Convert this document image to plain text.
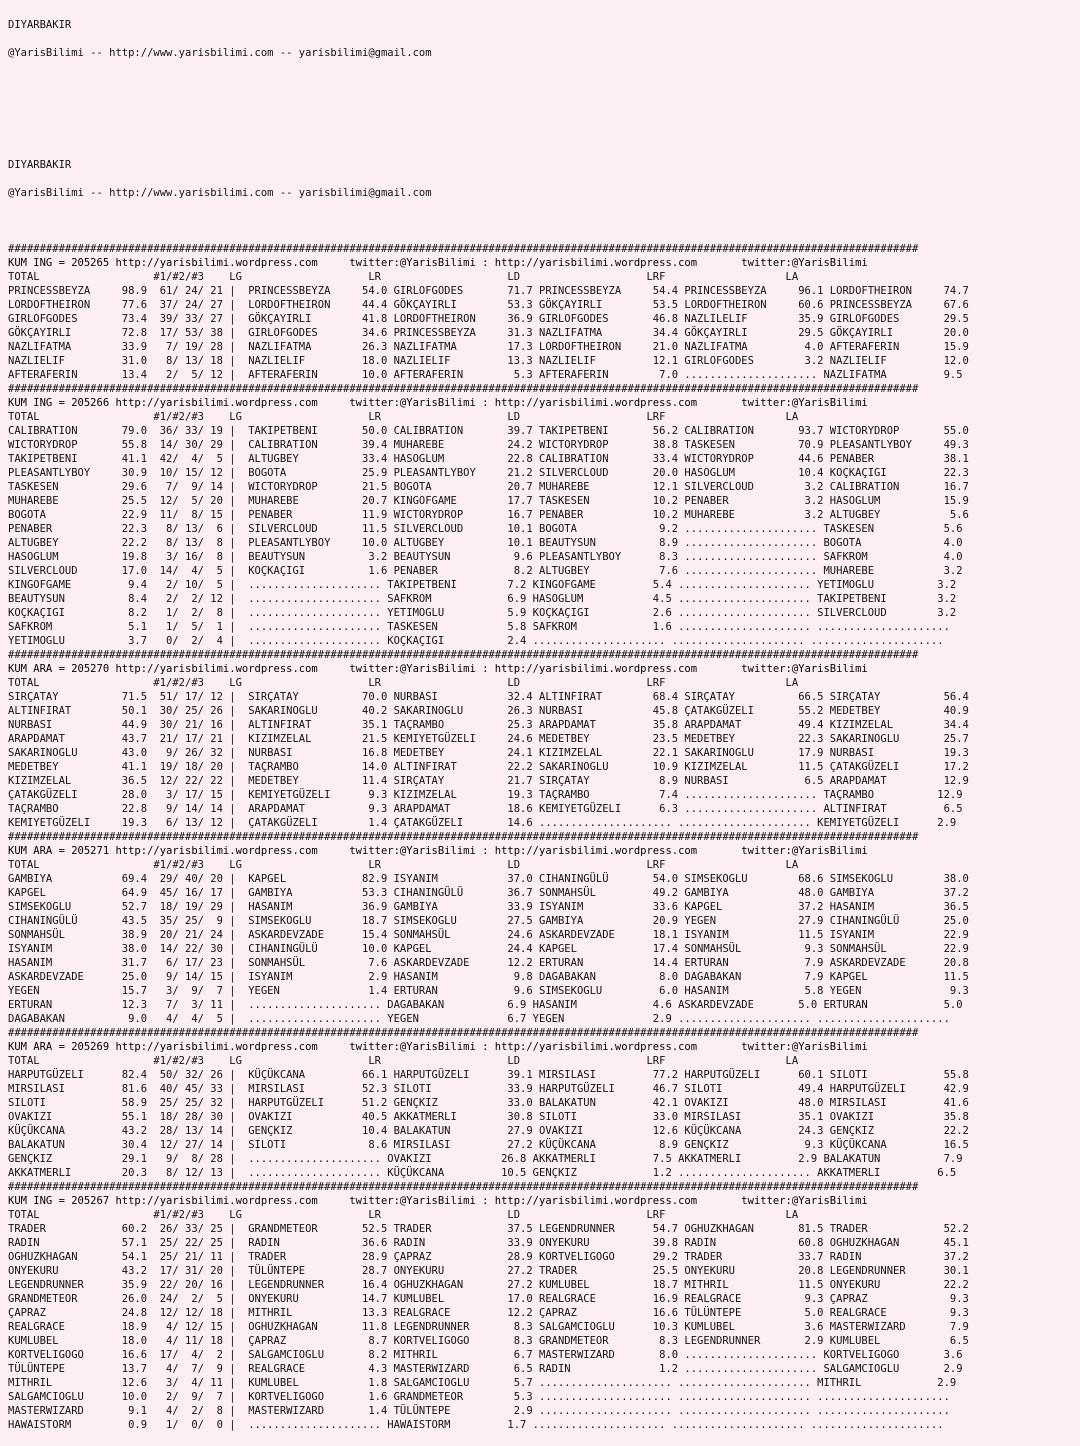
DIYARBAKIR

@YarisBilimi -- http://www.yarisbilimi.com -- yarisbilimi@gmail.com

DIYARBAKIR

@YarisBilimi -- http://www.yarisbilimi.com -- yarisbilimi@gmail.com

################################################################################################################################################
KUM ING = 205265 http://yarisbilimi.wordpress.com     twitter:@YarisBilimi : http://yarisbilimi.wordpress.com       twitter:@YarisBilimi
TOTAL                  #1/#2/#3    LG                    LR                    LD                    LRF                   LA
PRINCESSBEYZA     98.9  61/ 24/ 21 |  PRINCESSBEYZA     54.0 GIRLOFGODES       71.7 PRINCESSBEYZA     54.4 PRINCESSBEYZA     96.1 LORDOFTHEIRON     74.7
LORDOFTHEIRON     77.6  37/ 24/ 27 |  LORDOFTHEIRON     44.4 GÖKÇAYIRLI        53.3 GÖKÇAYIRLI        53.5 LORDOFTHEIRON     60.6 PRINCESSBEYZA     67.6
GIRLOFGODES       73.4  39/ 33/ 27 |  GÖKÇAYIRLI        41.8 LORDOFTHEIRON     36.9 GIRLOFGODES       46.8 NAZLILELIF        35.9 GIRLOFGODES       29.5
GÖKÇAYIRLI        72.8  17/ 53/ 38 |  GIRLOFGODES       34.6 PRINCESSBEYZA     31.3 NAZLIFATMA        34.4 GÖKÇAYIRLI        29.5 GÖKÇAYIRLI        20.0
NAZLIFATMA        33.9   7/ 19/ 28 |  NAZLIFATMA        26.3 NAZLIFATMA        17.3 LORDOFTHEIRON     21.0 NAZLIFATMA         4.0 AFTERAFERIN       15.9
NAZLIELIF         31.0   8/ 13/ 18 |  NAZLIELIF         18.0 NAZLIELIF         13.3 NAZLIELIF         12.1 GIRLOFGODES        3.2 NAZLIELIF         12.0
AFTERAFERIN       13.4   2/  5/ 12 |  AFTERAFERIN       10.0 AFTERAFERIN        5.3 AFTERAFERIN        7.0 ..................... NAZLIFATMA         9.5
################################################################################################################################################
KUM ING = 205266 http://yarisbilimi.wordpress.com     twitter:@YarisBilimi : http://yarisbilimi.wordpress.com       twitter:@YarisBilimi
TOTAL                  #1/#2/#3    LG                    LR                    LD                    LRF                   LA
CALIBRATION       79.0  36/ 33/ 19 |  TAKIPETBENI       50.0 CALIBRATION       39.7 TAKIPETBENI       56.2 CALIBRATION       93.7 WICTORYDROP       55.0
WICTORYDROP       55.8  14/ 30/ 29 |  CALIBRATION       39.4 MUHAREBE          24.2 WICTORYDROP       38.8 TASKESEN          70.9 PLEASANTLYBOY     49.3
TAKIPETBENI       41.1  42/  4/  5 |  ALTUGBEY          33.4 HASOGLUM          22.8 CALIBRATION       33.4 WICTORYDROP       44.6 PENABER           38.1
PLEASANTLYBOY     30.9  10/ 15/ 12 |  BOGOTA            25.9 PLEASANTLYBOY     21.2 SILVERCLOUD       20.0 HASOGLUM          10.4 KOÇKAÇIGI         22.3
TASKESEN          29.6   7/  9/ 14 |  WICTORYDROP       21.5 BOGOTA            20.7 MUHAREBE          12.1 SILVERCLOUD        3.2 CALIBRATION       16.7
MUHAREBE          25.5  12/  5/ 20 |  MUHAREBE          20.7 KINGOFGAME        17.7 TASKESEN          10.2 PENABER            3.2 HASOGLUM          15.9
BOGOTA            22.9  11/  8/ 15 |  PENABER           11.9 WICTORYDROP       16.7 PENABER           10.2 MUHAREBE           3.2 ALTUGBEY           5.6
PENABER           22.3   8/ 13/  6 |  SILVERCLOUD       11.5 SILVERCLOUD       10.1 BOGOTA             9.2 ..................... TASKESEN           5.6
ALTUGBEY          22.2   8/ 13/  8 |  PLEASANTLYBOY     10.0 ALTUGBEY          10.1 BEAUTYSUN          8.9 ..................... BOGOTA             4.0
HASOGLUM          19.8   3/ 16/  8 |  BEAUTYSUN          3.2 BEAUTYSUN          9.6 PLEASANTLYBOY      8.3 ..................... SAFKROM            4.0
SILVERCLOUD       17.0  14/  4/  5 |  KOÇKAÇIGI          1.6 PENABER            8.2 ALTUGBEY           7.6 ..................... MUHAREBE           3.2
KINGOFGAME         9.4   2/ 10/  5 |  ..................... TAKIPETBENI        7.2 KINGOFGAME         5.4 ..................... YETIMOGLU          3.2
BEAUTYSUN          8.4   2/  2/ 12 |  ..................... SAFKROM            6.9 HASOGLUM           4.5 ..................... TAKIPETBENI        3.2
KOÇKAÇIGI          8.2   1/  2/  8 |  ..................... YETIMOGLU          5.9 KOÇKAÇIGI          2.6 ..................... SILVERCLOUD        3.2
SAFKROM            5.1   1/  5/  1 |  ..................... TASKESEN           5.8 SAFKROM            1.6 ..................... .....................
YETIMOGLU          3.7   0/  2/  4 |  ..................... KOÇKAÇIGI          2.4 ..................... ..................... .....................
################################################################################################################################################
KUM ARA = 205270 http://yarisbilimi.wordpress.com     twitter:@YarisBilimi : http://yarisbilimi.wordpress.com       twitter:@YarisBilimi
TOTAL                  #1/#2/#3    LG                    LR                    LD                    LRF                   LA
SIRÇATAY          71.5  51/ 17/ 12 |  SIRÇATAY          70.0 NURBASI           32.4 ALTINFIRAT        68.4 SIRÇATAY          66.5 SIRÇATAY          56.4
ALTINFIRAT        50.1  30/ 25/ 26 |  SAKARINOGLU       40.2 SAKARINOGLU       26.3 NURBASI           45.8 ÇATAKGÜZELI       55.2 MEDETBEY          40.9
NURBASI           44.9  30/ 21/ 16 |  ALTINFIRAT        35.1 TAÇRAMBO          25.3 ARAPDAMAT         35.8 ARAPDAMAT         49.4 KIZIMZELAL        34.4
ARAPDAMAT         43.7  21/ 17/ 21 |  KIZIMZELAL        21.5 KEMIYETGÜZELI     24.6 MEDETBEY          23.5 MEDETBEY          22.3 SAKARINOGLU       25.7
SAKARINOGLU       43.0   9/ 26/ 32 |  NURBASI           16.8 MEDETBEY          24.1 KIZIMZELAL        22.1 SAKARINOGLU       17.9 NURBASI           19.3
MEDETBEY          41.1  19/ 18/ 20 |  TAÇRAMBO          14.0 ALTINFIRAT        22.2 SAKARINOGLU       10.9 KIZIMZELAL        11.5 ÇATAKGÜZELI       17.2
KIZIMZELAL        36.5  12/ 22/ 22 |  MEDETBEY          11.4 SIRÇATAY          21.7 SIRÇATAY           8.9 NURBASI            6.5 ARAPDAMAT         12.9
ÇATAKGÜZELI       28.0   3/ 17/ 15 |  KEMIYETGÜZELI      9.3 KIZIMZELAL        19.3 TAÇRAMBO           7.4 ..................... TAÇRAMBO          12.9
TAÇRAMBO          22.8   9/ 14/ 14 |  ARAPDAMAT          9.3 ARAPDAMAT         18.6 KEMIYETGÜZELI      6.3 ..................... ALTINFIRAT         6.5
KEMIYETGÜZELI     19.3   6/ 13/ 12 |  ÇATAKGÜZELI        1.4 ÇATAKGÜZELI       14.6 ..................... ..................... KEMIYETGÜZELI      2.9
################################################################################################################################################
KUM ARA = 205271 http://yarisbilimi.wordpress.com     twitter:@YarisBilimi : http://yarisbilimi.wordpress.com       twitter:@YarisBilimi
TOTAL                  #1/#2/#3    LG                    LR                    LD                    LRF                   LA
GAMBIYA           69.4  29/ 40/ 20 |  KAPGEL            82.9 ISYANIM           37.0 CIHANINGÜLÜ       54.0 SIMSEKOGLU        68.6 SIMSEKOGLU        38.0
KAPGEL            64.9  45/ 16/ 17 |  GAMBIYA           53.3 CIHANINGÜLÜ       36.7 SONMAHSÜL         49.2 GAMBIYA           48.0 GAMBIYA           37.2
SIMSEKOGLU        52.7  18/ 19/ 29 |  HASANIM           36.9 GAMBIYA           33.9 ISYANIM           33.6 KAPGEL            37.2 HASANIM           36.5
CIHANINGÜLÜ       43.5  35/ 25/  9 |  SIMSEKOGLU        18.7 SIMSEKOGLU        27.5 GAMBIYA           20.9 YEGEN             27.9 CIHANINGÜLÜ       25.0
SONMAHSÜL         38.9  20/ 21/ 24 |  ASKARDEVZADE      15.4 SONMAHSÜL         24.6 ASKARDEVZADE      18.1 ISYANIM           11.5 ISYANIM           22.9
ISYANIM           38.0  14/ 22/ 30 |  CIHANINGÜLÜ       10.0 KAPGEL            24.4 KAPGEL            17.4 SONMAHSÜL          9.3 SONMAHSÜL         22.9
HASANIM           31.7   6/ 17/ 23 |  SONMAHSÜL          7.6 ASKARDEVZADE      12.2 ERTURAN           14.4 ERTURAN            7.9 ASKARDEVZADE      20.8
ASKARDEVZADE      25.0   9/ 14/ 15 |  ISYANIM            2.9 HASANIM            9.8 DAGABAKAN          8.0 DAGABAKAN          7.9 KAPGEL            11.5
YEGEN             15.7   3/  9/  7 |  YEGEN              1.4 ERTURAN            9.6 SIMSEKOGLU         6.0 HASANIM            5.8 YEGEN              9.3
ERTURAN           12.3   7/  3/ 11 |  ..................... DAGABAKAN          6.9 HASANIM            4.6 ASKARDEVZADE       5.0 ERTURAN            5.0
DAGABAKAN          9.0   4/  4/  5 |  ..................... YEGEN              6.7 YEGEN              2.9 ..................... .....................
################################################################################################################################################
KUM ARA = 205269 http://yarisbilimi.wordpress.com     twitter:@YarisBilimi : http://yarisbilimi.wordpress.com       twitter:@YarisBilimi
TOTAL                  #1/#2/#3    LG                    LR                    LD                    LRF                   LA
HARPUTGÜZELI      82.4  50/ 32/ 26 |  KÜÇÜKCANA         66.1 HARPUTGÜZELI      39.1 MIRSILASI         77.2 HARPUTGÜZELI      60.1 SILOTI            55.8
MIRSILASI         81.6  40/ 45/ 33 |  MIRSILASI         52.3 SILOTI            33.9 HARPUTGÜZELI      46.7 SILOTI            49.4 HARPUTGÜZELI      42.9
SILOTI            58.9  25/ 25/ 32 |  HARPUTGÜZELI      51.2 GENÇKIZ           33.0 BALAKATUN         42.1 OVAKIZI           48.0 MIRSILASI         41.6
OVAKIZI           55.1  18/ 28/ 30 |  OVAKIZI           40.5 AKKATMERLI        30.8 SILOTI            33.0 MIRSILASI         35.1 OVAKIZI           35.8
KÜÇÜKCANA         43.2  28/ 13/ 14 |  GENÇKIZ           10.4 BALAKATUN         27.9 OVAKIZI           12.6 KÜÇÜKCANA         24.3 GENÇKIZ           22.2
BALAKATUN         30.4  12/ 27/ 14 |  SILOTI             8.6 MIRSILASI         27.2 KÜÇÜKCANA          8.9 GENÇKIZ            9.3 KÜÇÜKCANA         16.5
GENÇKIZ           29.1   9/  8/ 28 |  ..................... OVAKIZI           26.8 AKKATMERLI         7.5 AKKATMERLI         2.9 BALAKATUN          7.9
AKKATMERLI        20.3   8/ 12/ 13 |  ..................... KÜÇÜKCANA         10.5 GENÇKIZ            1.2 ..................... AKKATMERLI         6.5
################################################################################################################################################
KUM ING = 205267 http://yarisbilimi.wordpress.com     twitter:@YarisBilimi : http://yarisbilimi.wordpress.com       twitter:@YarisBilimi
TOTAL                  #1/#2/#3    LG                    LR                    LD                    LRF                   LA
TRADER            60.2  26/ 33/ 25 |  GRANDMETEOR       52.5 TRADER            37.5 LEGENDRUNNER      54.7 OGHUZKHAGAN       81.5 TRADER            52.2
RADIN             57.1  25/ 22/ 25 |  RADIN             36.6 RADIN             33.9 ONYEKURU          39.8 RADIN             60.8 OGHUZKHAGAN       45.1
OGHUZKHAGAN       54.1  25/ 21/ 11 |  TRADER            28.9 ÇAPRAZ            28.9 KORTVELIGOGO      29.2 TRADER            33.7 RADIN             37.2
ONYEKURU          43.2  17/ 31/ 20 |  TÜLÜNTEPE         28.7 ONYEKURU          27.2 TRADER            25.5 ONYEKURU          20.8 LEGENDRUNNER      30.1
LEGENDRUNNER      35.9  22/ 20/ 16 |  LEGENDRUNNER      16.4 OGHUZKHAGAN       27.2 KUMLUBEL          18.7 MITHRIL           11.5 ONYEKURU          22.2
GRANDMETEOR       26.0  24/  2/  5 |  ONYEKURU          14.7 KUMLUBEL          17.0 REALGRACE         16.9 REALGRACE          9.3 ÇAPRAZ             9.3
ÇAPRAZ            24.8  12/ 12/ 18 |  MITHRIL           13.3 REALGRACE         12.2 ÇAPRAZ            16.6 TÜLÜNTEPE          5.0 REALGRACE          9.3
REALGRACE         18.9   4/ 12/ 15 |  OGHUZKHAGAN       11.8 LEGENDRUNNER       8.3 SALGAMCIOGLU      10.3 KUMLUBEL           3.6 MASTERWIZARD       7.9
KUMLUBEL          18.0   4/ 11/ 18 |  ÇAPRAZ             8.7 KORTVELIGOGO       8.3 GRANDMETEOR        8.3 LEGENDRUNNER       2.9 KUMLUBEL           6.5
KORTVELIGOGO      16.6  17/  4/  2 |  SALGAMCIOGLU       8.2 MITHRIL            6.7 MASTERWIZARD       8.0 ..................... KORTVELIGOGO       3.6
TÜLÜNTEPE         13.7   4/  7/  9 |  REALGRACE          4.3 MASTERWIZARD       6.5 RADIN              1.2 ..................... SALGAMCIOGLU       2.9
MITHRIL           12.6   3/  4/ 11 |  KUMLUBEL           1.8 SALGAMCIOGLU       5.7 ..................... ..................... MITHRIL            2.9
SALGAMCIOGLU      10.0   2/  9/  7 |  KORTVELIGOGO       1.6 GRANDMETEOR        5.3 ..................... ..................... .....................
MASTERWIZARD       9.1   4/  2/  8 |  MASTERWIZARD       1.4 TÜLÜNTEPE          2.9 ..................... ..................... .....................
HAWAISTORM         0.9   1/  0/  0 |  ..................... HAWAISTORM         1.7 ..................... ..................... .....................
